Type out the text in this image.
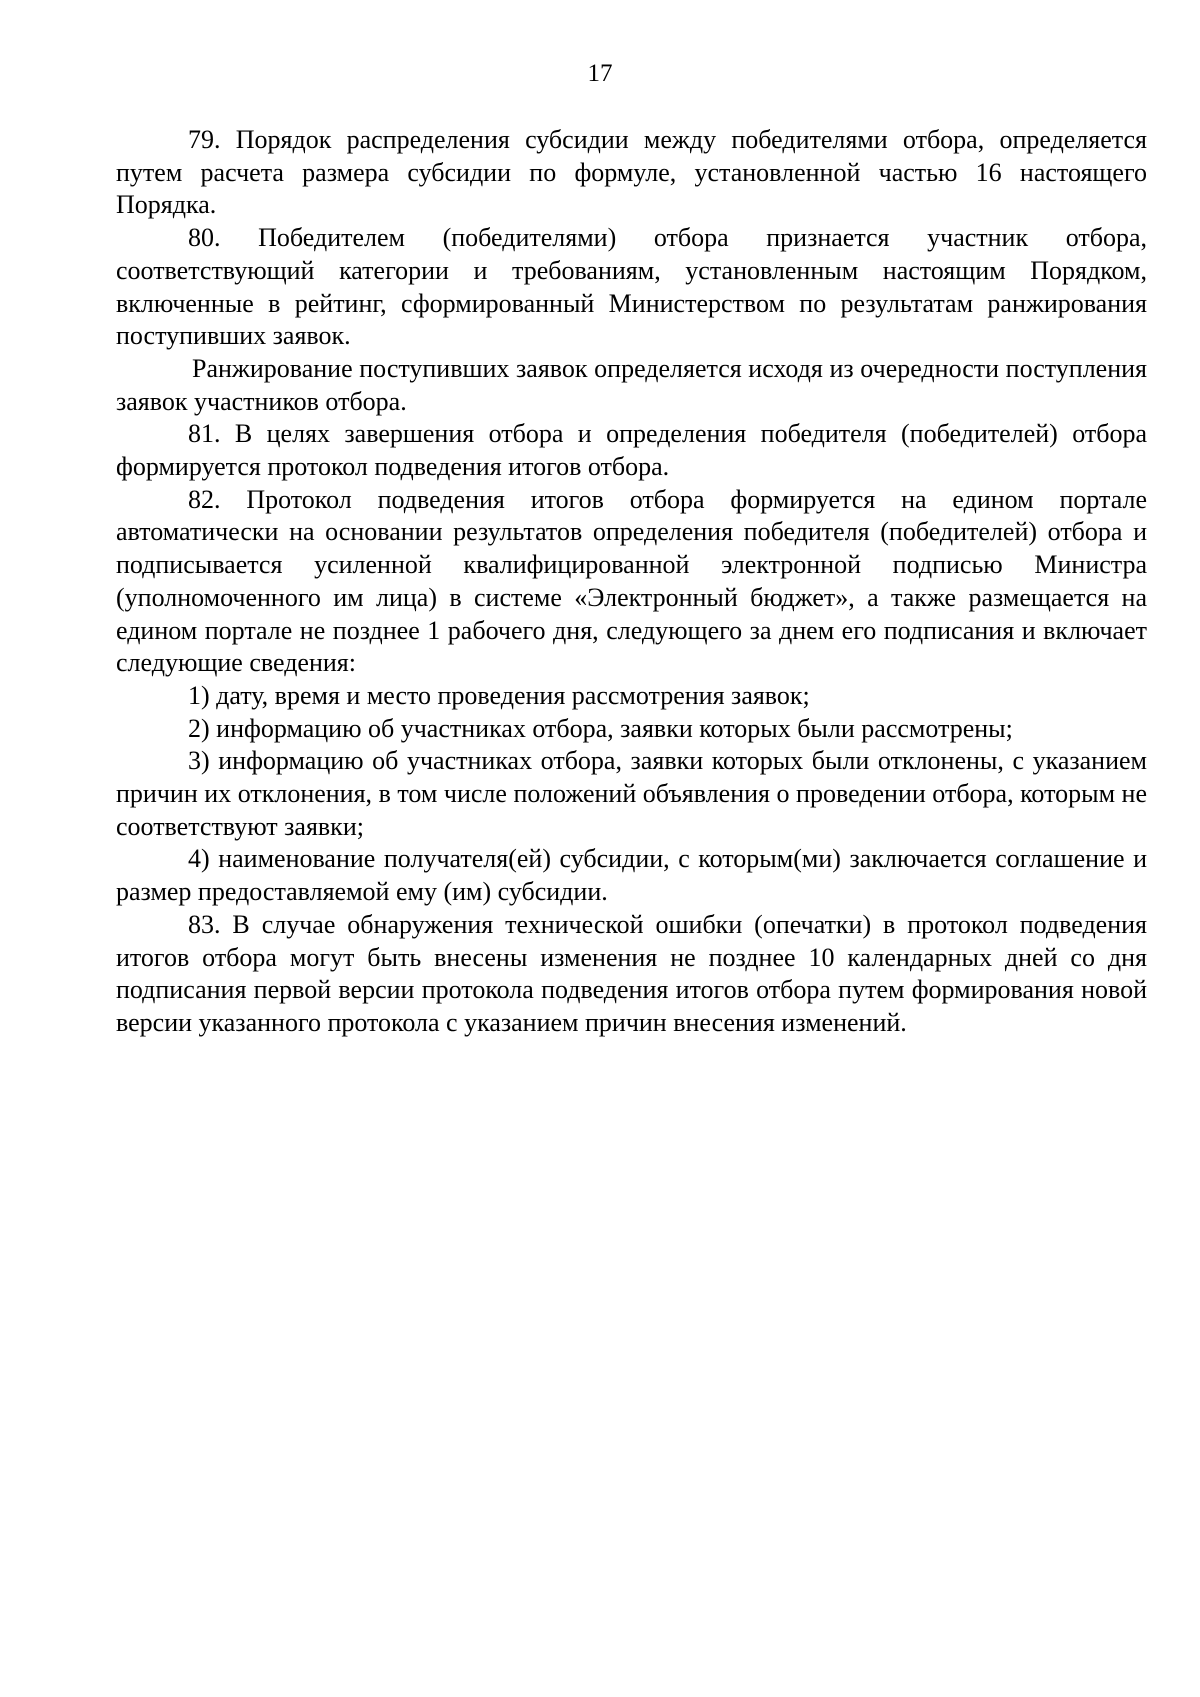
17

79. Порядок распределения субсидии между победителями отбора, определяется путем расчета размера субсидии по формуле, установленной частью 16 настоящего Порядка.

80. Победителем (победителями) отбора признается участник отбора, соответствующий категории и требованиям, установленным настоящим Порядком, включенные в рейтинг, сформированный Министерством по результатам ранжирования поступивших заявок.

Ранжирование поступивших заявок определяется исходя из очередности поступления заявок участников отбора.

81. В целях завершения отбора и определения победителя (победителей) отбора формируется протокол подведения итогов отбора.

82. Протокол подведения итогов отбора формируется на едином портале автоматически на основании результатов определения победителя (победителей) отбора и подписывается усиленной квалифицированной электронной подписью Министра (уполномоченного им лица) в системе «Электронный бюджет», а также размещается на едином портале не позднее 1 рабочего дня, следующего за днем его подписания и включает следующие сведения:

1) дату, время и место проведения рассмотрения заявок;

2) информацию об участниках отбора, заявки которых были рассмотрены;

3) информацию об участниках отбора, заявки которых были отклонены, с указанием причин их отклонения, в том числе положений объявления о проведении отбора, которым не соответствуют заявки;

4) наименование получателя(ей) субсидии, с которым(ми) заключается соглашение и размер предоставляемой ему (им) субсидии.

83. В случае обнаружения технической ошибки (опечатки) в протокол подведения итогов отбора могут быть внесены изменения не позднее 10 календарных дней со дня подписания первой версии протокола подведения итогов отбора путем формирования новой версии указанного протокола с указанием причин внесения изменений.
